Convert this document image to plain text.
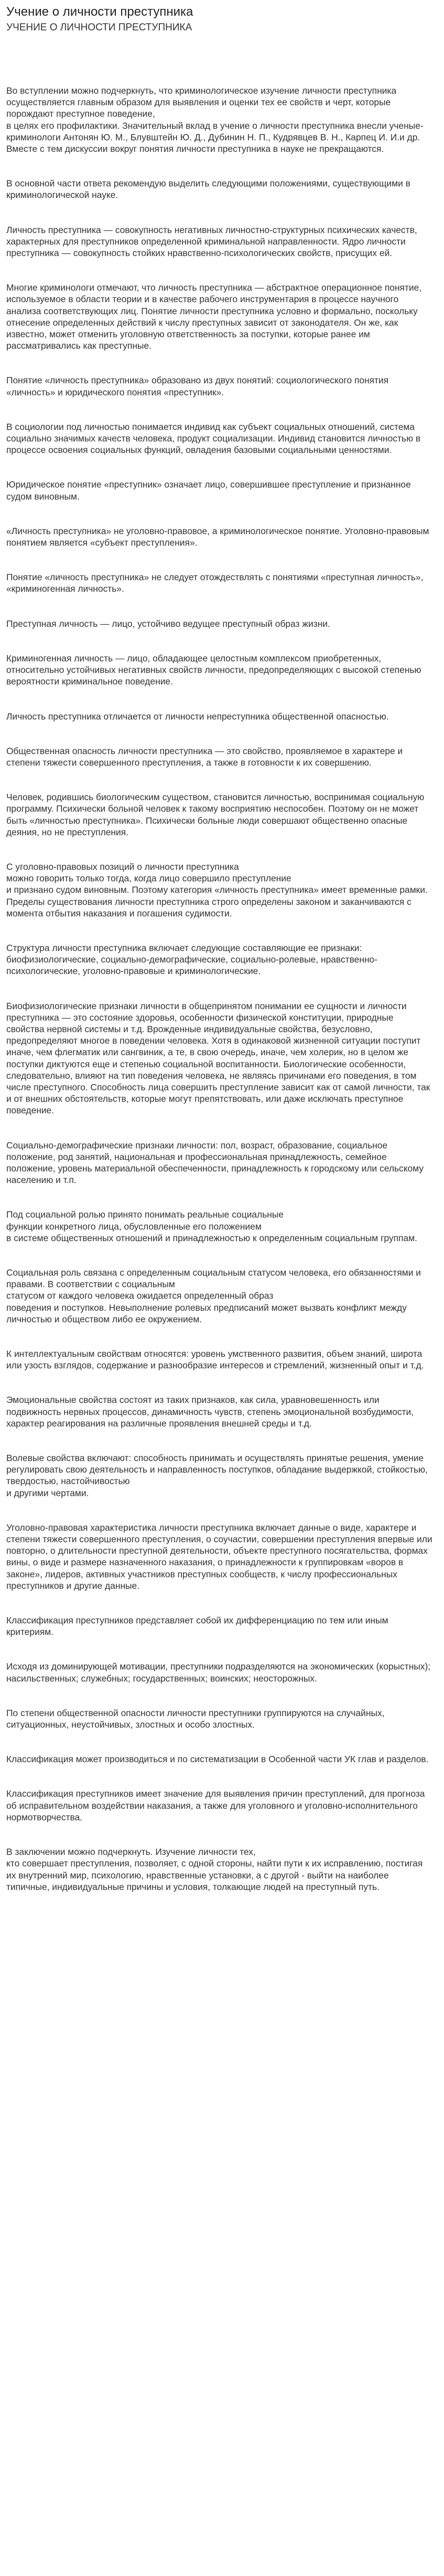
Учение о личности преступника
УЧЕНИЕ О ЛИЧНОСТИ ПРЕСТУПНИКА

Во вступлении можно подчеркнуть, что криминологическое изучение личности преступника осуществляется главным образом для выявления и оценки тех ее свойств и черт, которые порождают преступное поведение,
в целях его профилактики. Значительный вклад в учение о личности преступника внесли ученые-криминологи Антонян Ю. М., Блувштейн Ю. Д., Дубинин Н. П., Кудрявцев В. Н., Карпец И. И.и др. Вместе с тем дискуссии вокруг понятия личности преступника в науке не прекращаются.

В основной части ответа рекомендую выделить следующими положениями, существующими в криминологической науке.

Личность преступника — совокупность негативных личностно-структурных психических качеств, характерных для преступников определенной криминальной направленности. Ядро личности преступника — совокупность стойких нравственно-психологических свойств, присущих ей.

Многие криминологи отмечают, что личность преступника — абстрактное операционное понятие, используемое в области теории и в качестве рабочего инструментария в процессе научного анализа соответствующих лиц. Понятие личности преступника условно и формально, поскольку отнесение определенных действий к числу преступных зависит от законодателя. Он же, как известно, может отменить уголовную ответственность за поступки, которые ранее им рассматривались как преступные.

Понятие «личность преступника» образовано из двух понятий: социологического понятия «личность» и юридического понятия «преступник».

В социологии под личностью понимается индивид как субъект социальных отношений, система социально значимых качеств человека, продукт социализации. Индивид становится личностью в процессе освоения социальных функций, овладения базовыми социальными ценностями.

Юридическое понятие «преступник» означает лицо, совершившее преступление и признанное судом виновным.

«Личность преступника» не уголовно-правовое, а криминологическое понятие. Уголовно-правовым понятием является «субъект преступления».

Понятие «личность преступника» не следует отождествлять с понятиями «преступная личность», «криминогенная личность».

Преступная личность — лицо, устойчиво ведущее преступный образ жизни.

Криминогенная личность — лицо, обладающее целостным комплексом приобретенных, относительно устойчивых негативных свойств личности, предопределяющих с высокой степенью вероятности криминальное поведение.

Личность преступника отличается от личности непреступника общественной опасностью.

Общественная опасность личности преступника — это свойство, проявляемое в характере и степени тяжести совершенного преступления, а также в готовности к их совершению.

Человек, родившись биологическим существом, становится личностью, воспринимая социальную программу. Психически больной человек к такому восприятию неспособен. Поэтому он не может быть «личностью преступника». Психически больные люди совершают общественно опасные деяния, но не преступления.

С уголовно-правовых позиций о личности преступника
можно говорить только тогда, когда лицо совершило преступление
и признано судом виновным. Поэтому категория «личность преступника» имеет временные рамки. Пределы существования личности преступника строго определены законом и заканчиваются с момента отбытия наказания и погашения судимости.

Структура личности преступника включает следующие составляющие ее признаки: биофизиологические, социально-демографические, социально-ролевые, нравственно-психологические, уголовно-правовые и криминологические.

Биофизиологические признаки личности в общепринятом понимании ее сущности и личности преступника — это состояние здоровья, особенности физической конституции, природные свойства нервной системы и т.д. Врожденные индивидуальные свойства, безусловно, предопределяют многое в поведении человека. Хотя в одинаковой жизненной ситуации поступит иначе, чем флегматик или сангвиник, а те, в свою очередь, иначе, чем холерик, но в целом же поступки диктуются еще и степенью социальной воспитанности. Биологические особенности, следовательно, влияют на тип поведения человека, не являясь причинами его поведения, в том числе преступного. Способность лица совершить преступление зависит как от самой личности, так и от внешних обстоятельств, которые могут препятствовать, или даже исключать преступное поведение.

Социально-демографические признаки личности: пол, возраст, образование, социальное положение, род занятий, национальная и профессиональная принадлежность, семейное положение, уровень материальной обеспеченности, принадлежность к городскому или сельскому населению и т.п.

Под социальной ролью принято понимать реальные социальные
функции конкретного лица, обусловленные его положением
в системе общественных отношений и принадлежностью к определенным социальным группам.

Социальная роль связана с определенным социальным статусом человека, его обязанностями и правами. В соответствии с социальным
статусом от каждого человека ожидается определенный образ
поведения и поступков. Невыполнение ролевых предписаний может вызвать конфликт между личностью и обществом либо ее окружением.

К интеллектуальным свойствам относятся: уровень умственного развития, объем знаний, широта или узость взглядов, содержание и разнообразие интересов и стремлений, жизненный опыт и т.д.

Эмоциональные свойства состоят из таких признаков, как сила, уравновешенность или подвижность нервных процессов, динамичность чувств, степень эмоциональной возбудимости, характер реагирования на различные проявления внешней среды и т.д.

Волевые свойства включают: способность принимать и осуществлять принятые решения, умение регулировать свою деятельность и направленность поступков, обладание выдержкой, стойкостью, твердостью, настойчивостью
и другими чертами.

Уголовно-правовая характеристика личности преступника включает данные о виде, характере и степени тяжести совершенного преступления, о соучастии, совершении преступления впервые или повторно, о длительности преступной деятельности, объекте преступного посягательства, формах вины, о виде и размере назначенного наказания, о принадлежности к группировкам «воров в законе», лидеров, активных участников преступных сообществ, к числу профессиональных преступников и другие данные.

Классификация преступников представляет собой их дифференциацию по тем или иным критериям.

Исходя из доминирующей мотивации, преступники подразделяются на экономических (корыстных); насильственных; служебных; государственных; воинских; неосторожных.

По степени общественной опасности личности преступники группируются на случайных, ситуационных, неустойчивых, злостных и особо злостных.

Классификация может производиться и по систематизации в Особенной части УК глав и разделов.

Классификация преступников имеет значение для выявления причин преступлений, для прогноза об исправительном воздействии наказания, а также для уголовного и уголовно-исполнительного нормотворчества.

В заключении можно подчеркнуть. Изучение личности тех,
кто совершает преступления, позволяет, с одной стороны, найти пути к их исправлению, постигая их внутренний мир, психологию, нравственные установки, а с другой - выйти на наиболее типичные, индивидуальные причины и условия, толкающие людей на преступный путь.
